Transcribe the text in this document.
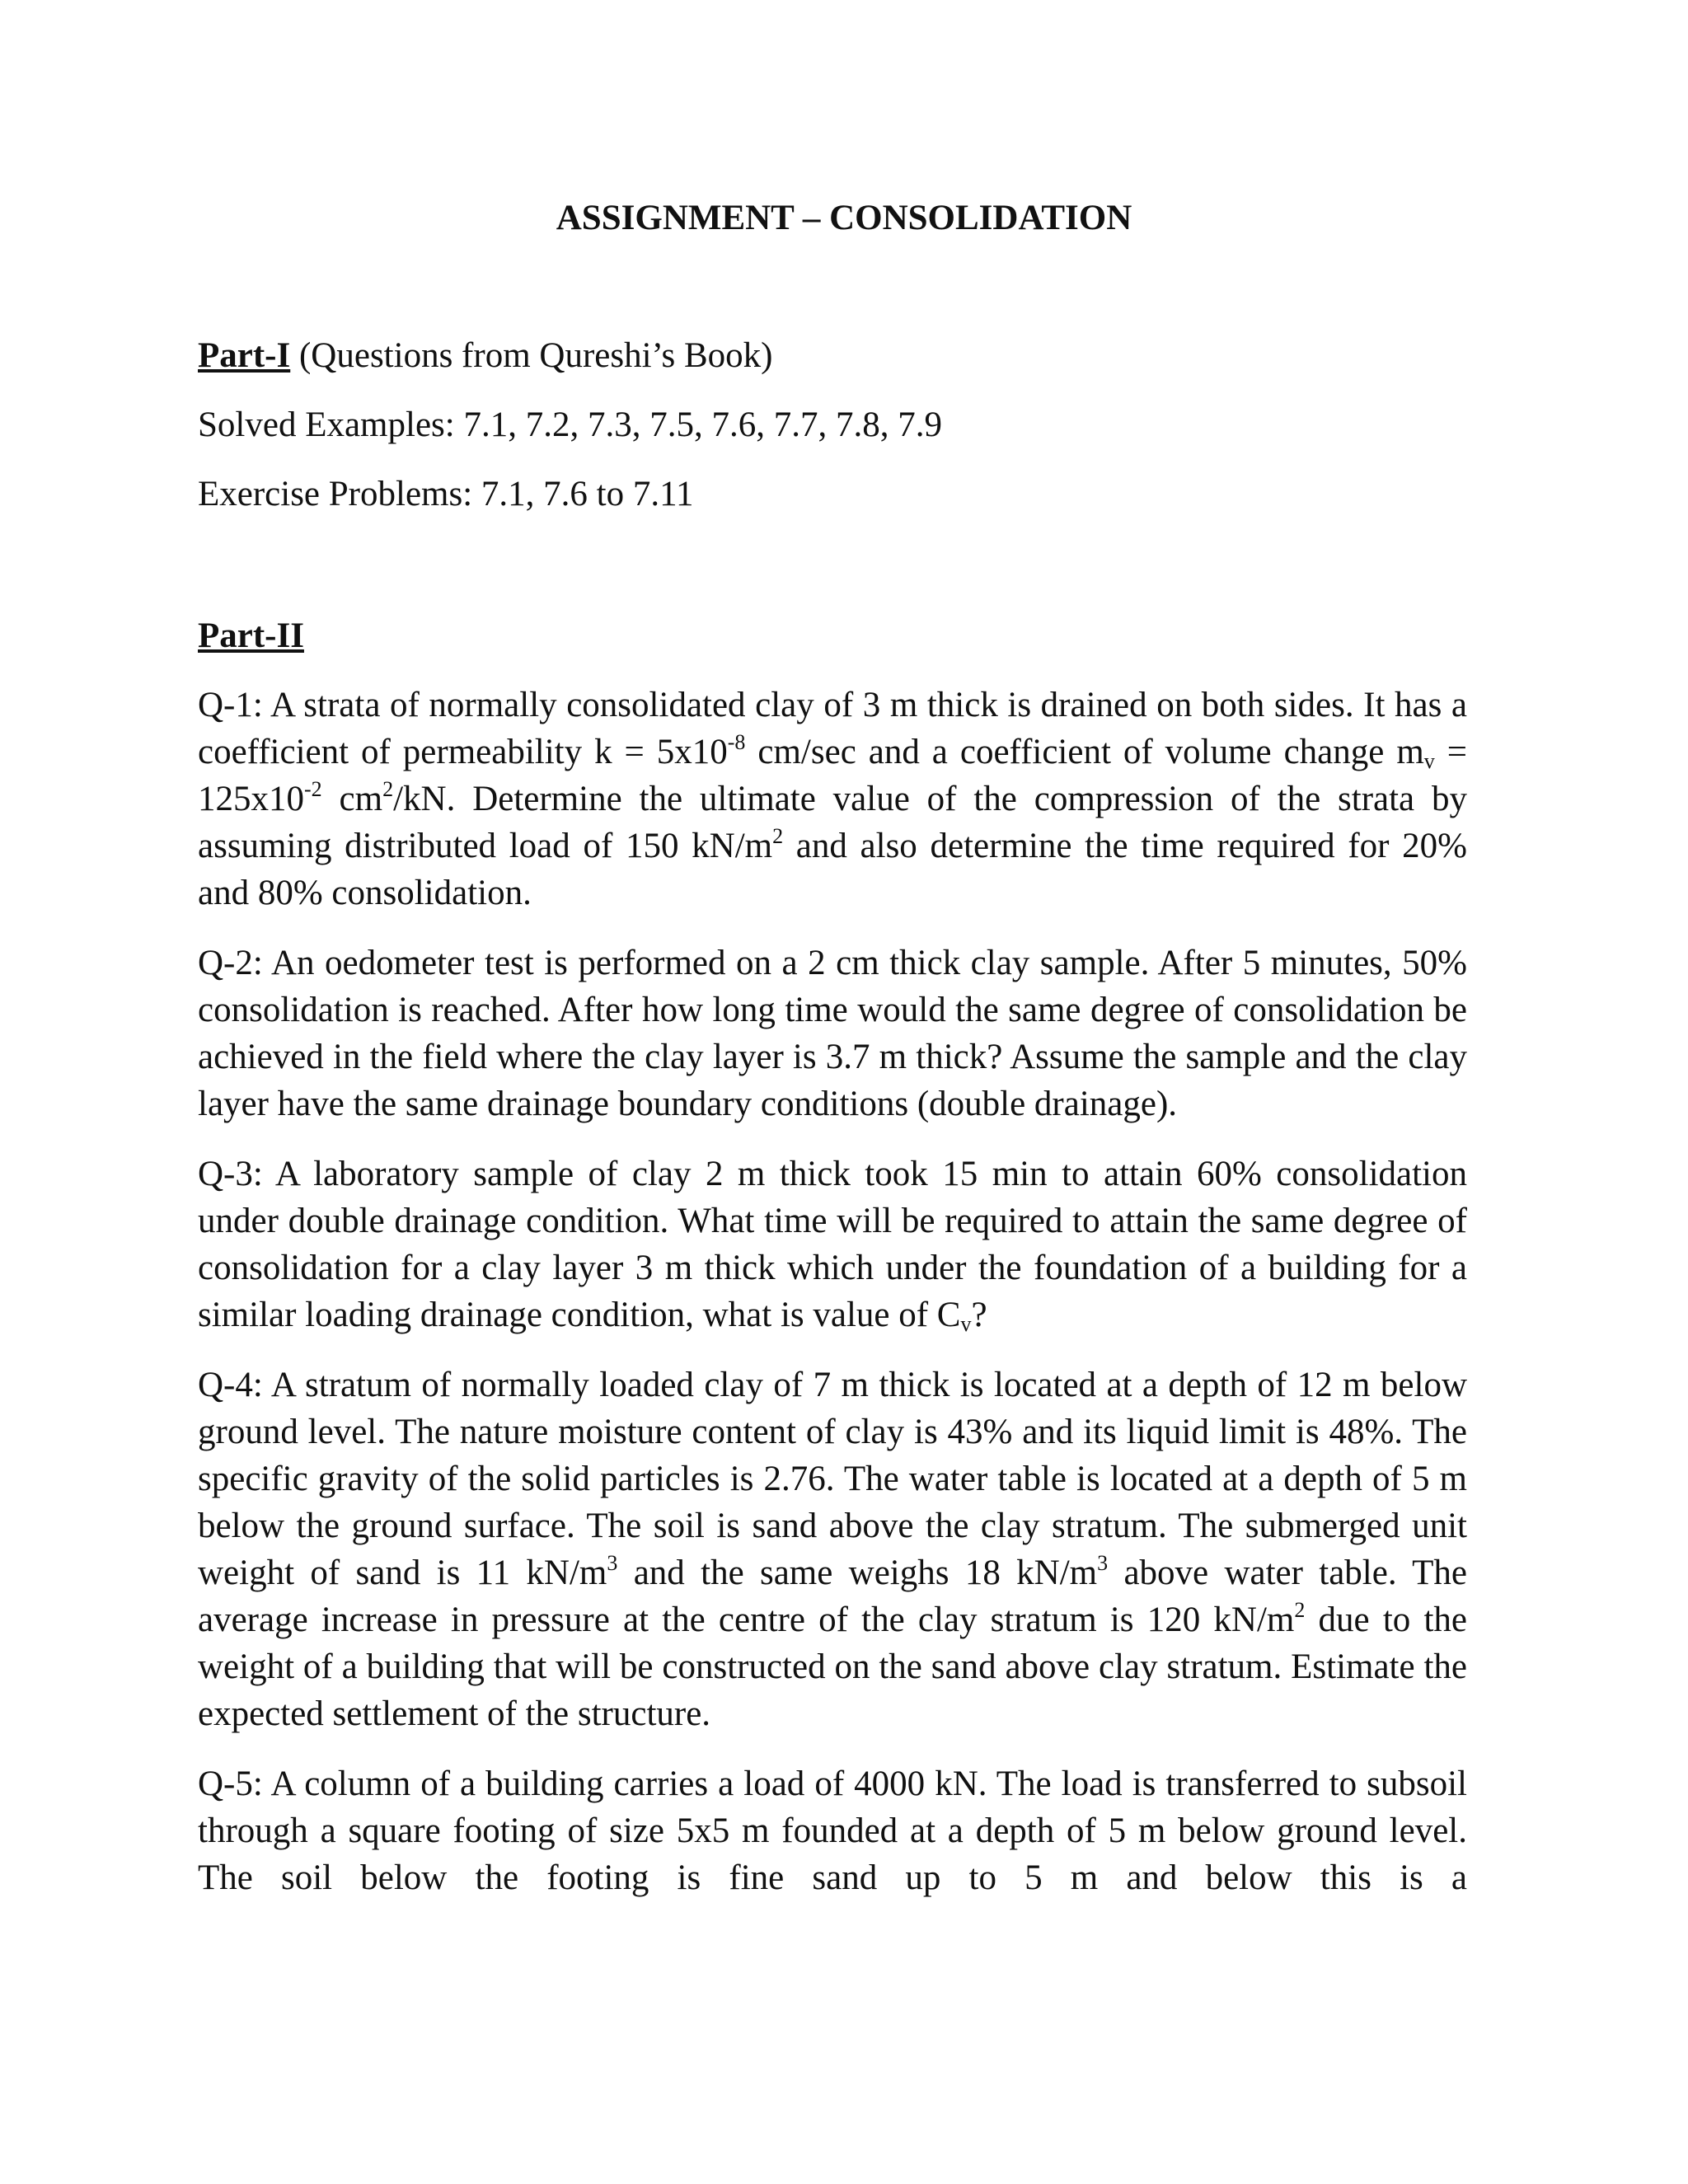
ASSIGNMENT – CONSOLIDATION

Part-I (Questions from Qureshi’s Book)

Solved Examples: 7.1, 7.2, 7.3, 7.5, 7.6, 7.7, 7.8, 7.9

Exercise Problems: 7.1, 7.6 to 7.11

Part-II

Q-1: A strata of normally consolidated clay of 3 m thick is drained on both sides. It has a coefficient of permeability $k = 5x10^{-8}$ cm/sec and a coefficient of volume change $m_v = 125x10^{-2}$ $cm^2/kN$. Determine the ultimate value of the compression of the strata by assuming distributed load of 150 $kN/m^2$ and also determine the time required for 20% and 80% consolidation.

Q-2: An oedometer test is performed on a 2 cm thick clay sample. After 5 minutes, 50% consolidation is reached. After how long time would the same degree of consolidation be achieved in the field where the clay layer is 3.7 m thick? Assume the sample and the clay layer have the same drainage boundary conditions (double drainage).

Q-3: A laboratory sample of clay 2 m thick took 15 min to attain 60% consolidation under double drainage condition. What time will be required to attain the same degree of consolidation for a clay layer 3 m thick which under the foundation of a building for a similar loading drainage condition, what is value of $C_v$?

Q-4: A stratum of normally loaded clay of 7 m thick is located at a depth of 12 m below ground level. The nature moisture content of clay is 43% and its liquid limit is 48%. The specific gravity of the solid particles is 2.76. The water table is located at a depth of 5 m below the ground surface. The soil is sand above the clay stratum. The submerged unit weight of sand is 11 $kN/m^3$ and the same weighs 18 $kN/m^3$ above water table. The average increase in pressure at the centre of the clay stratum is 120 $kN/m^2$ due to the weight of a building that will be constructed on the sand above clay stratum. Estimate the expected settlement of the structure.

Q-5: A column of a building carries a load of 4000 kN. The load is transferred to subsoil through a square footing of size 5x5 m founded at a depth of 5 m below ground level. The soil below the footing is fine sand up to 5 m and below this is a
